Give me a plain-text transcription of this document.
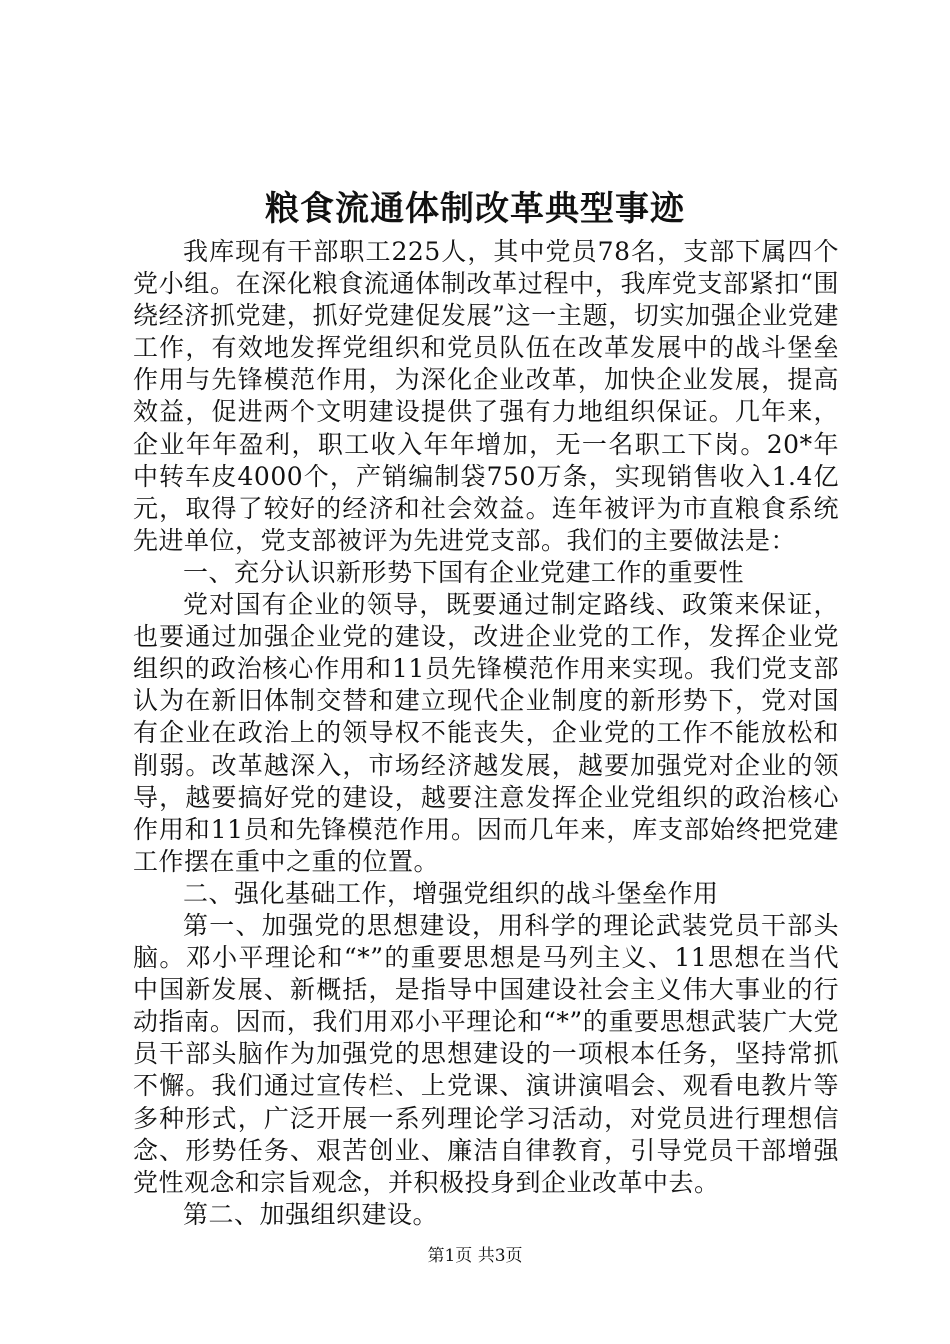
粮食流通体制改革典型事迹

我库现有干部职工225人，其中党员78名，支部下属四个党小组。在深化粮食流通体制改革过程中，我库党支部紧扣“围绕经济抓党建，抓好党建促发展”这一主题，切实加强企业党建工作，有效地发挥党组织和党员队伍在改革发展中的战斗堡垒作用与先锋模范作用，为深化企业改革，加快企业发展，提高效益，促进两个文明建设提供了强有力地组织保证。几年来，企业年年盈利，职工收入年年增加，无一名职工下岗。20*年中转车皮4000个，产销编制袋750万条，实现销售收入1.4亿元，取得了较好的经济和社会效益。连年被评为市直粮食系统先进单位，党支部被评为先进党支部。我们的主要做法是：

一、充分认识新形势下国有企业党建工作的重要性

党对国有企业的领导，既要通过制定路线、政策来保证，也要通过加强企业党的建设，改进企业党的工作，发挥企业党组织的政治核心作用和11员先锋模范作用来实现。我们党支部认为在新旧体制交替和建立现代企业制度的新形势下，党对国有企业在政治上的领导权不能丧失，企业党的工作不能放松和削弱。改革越深入，市场经济越发展，越要加强党对企业的领导，越要搞好党的建设，越要注意发挥企业党组织的政治核心作用和11员和先锋模范作用。因而几年来，库支部始终把党建工作摆在重中之重的位置。

二、强化基础工作，增强党组织的战斗堡垒作用

第一、加强党的思想建设，用科学的理论武装党员干部头脑。邓小平理论和“*”的重要思想是马列主义、11思想在当代中国新发展、新概括，是指导中国建设社会主义伟大事业的行动指南。因而，我们用邓小平理论和“*”的重要思想武装广大党员干部头脑作为加强党的思想建设的一项根本任务，坚持常抓不懈。我们通过宣传栏、上党课、演讲演唱会、观看电教片等多种形式，广泛开展一系列理论学习活动，对党员进行理想信念、形势任务、艰苦创业、廉洁自律教育，引导党员干部增强党性观念和宗旨观念，并积极投身到企业改革中去。

第二、加强组织建设。

第1页 共3页
